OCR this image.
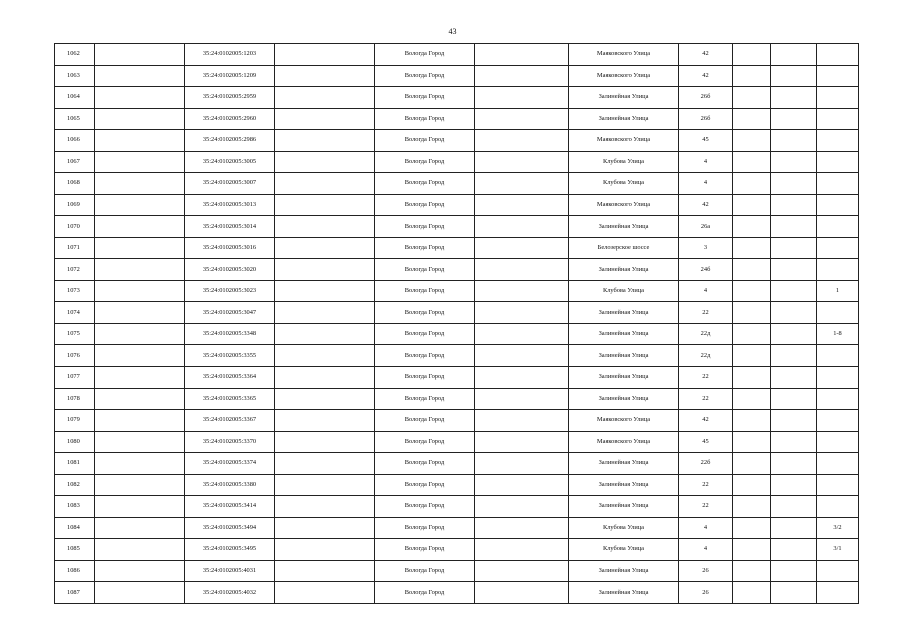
43
1062		35:24:0102005:1203		Вологда Город		Маяковского Улица	42			
1063		35:24:0102005:1209		Вологда Город		Маяковского Улица	42			
1064		35:24:0102005:2959		Вологда Город		Залинейная Улица	26б			
1065		35:24:0102005:2960		Вологда Город		Залинейная Улица	26б			
1066		35:24:0102005:2986		Вологда Город		Маяковского Улица	45			
1067		35:24:0102005:3005		Вологда Город		Клубова Улица	4			
1068		35:24:0102005:3007		Вологда Город		Клубова Улица	4			
1069		35:24:0102005:3013		Вологда Город		Маяковского Улица	42			
1070		35:24:0102005:3014		Вологда Город		Залинейная Улица	26а			
1071		35:24:0102005:3016		Вологда Город		Белозерское шоссе	3			
1072		35:24:0102005:3020		Вологда Город		Залинейная Улица	24б			
1073		35:24:0102005:3023		Вологда Город		Клубова Улица	4			1
1074		35:24:0102005:3047		Вологда Город		Залинейная Улица	22			
1075		35:24:0102005:3348		Вологда Город		Залинейная Улица	22д			1-8
1076		35:24:0102005:3355		Вологда Город		Залинейная Улица	22д			
1077		35:24:0102005:3364		Вологда Город		Залинейная Улица	22			
1078		35:24:0102005:3365		Вологда Город		Залинейная Улица	22			
1079		35:24:0102005:3367		Вологда Город		Маяковского Улица	42			
1080		35:24:0102005:3370		Вологда Город		Маяковского Улица	45			
1081		35:24:0102005:3374		Вологда Город		Залинейная Улица	22б			
1082		35:24:0102005:3380		Вологда Город		Залинейная Улица	22			
1083		35:24:0102005:3414		Вологда Город		Залинейная Улица	22			
1084		35:24:0102005:3494		Вологда Город		Клубова Улица	4			3/2
1085		35:24:0102005:3495		Вологда Город		Клубова Улица	4			3/1
1086		35:24:0102005:4031		Вологда Город		Залинейная Улица	26			
1087		35:24:0102005:4032		Вологда Город		Залинейная Улица	26			
